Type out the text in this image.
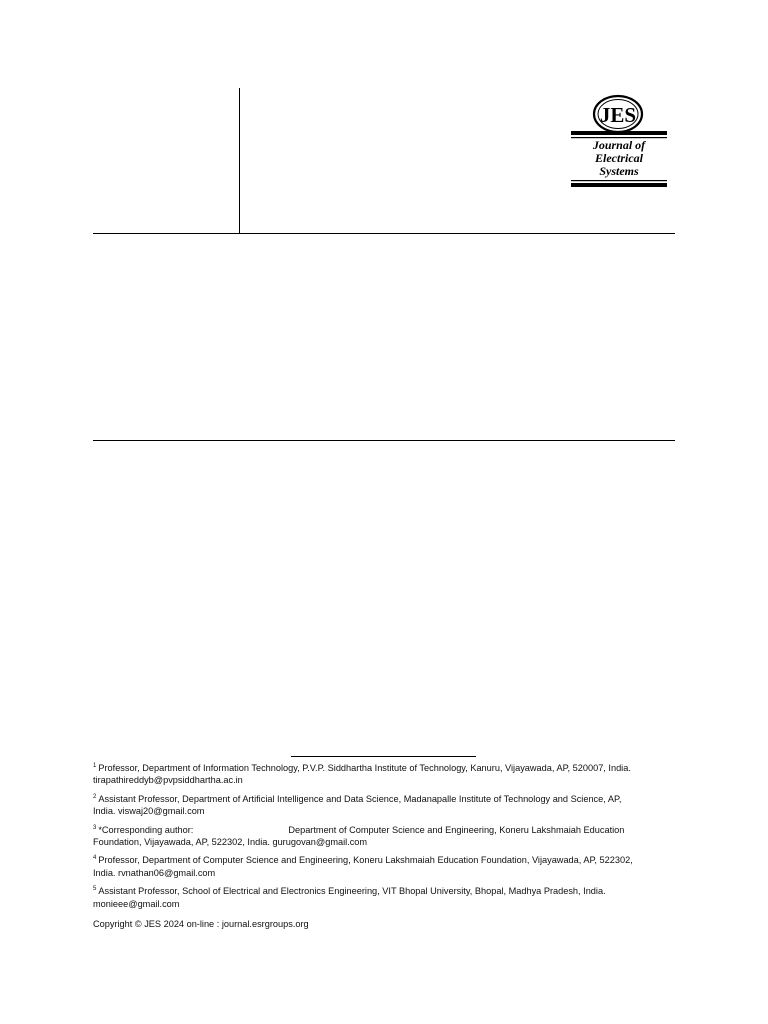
JES
Journal of
Electrical
Systems

$^1$ Professor, Department of Information Technology, P.V.P. Siddhartha Institute of Technology, Kanuru, Vijayawada, AP, 520007, India. tirapathireddyb@pvpsiddhartha.ac.in

$^2$ Assistant Professor, Department of Artificial Intelligence and Data Science, Madanapalle Institute of Technology and Science, AP, India. viswaj20@gmail.com

$^3$ *Corresponding author:	Department of Computer Science and Engineering, Koneru Lakshmaiah Education Foundation, Vijayawada, AP, 522302, India. gurugovan@gmail.com

$^4$ Professor, Department of Computer Science and Engineering, Koneru Lakshmaiah Education Foundation, Vijayawada, AP, 522302, India. rvnathan06@gmail.com

$^5$ Assistant Professor, School of Electrical and Electronics Engineering, VIT Bhopal University, Bhopal, Madhya Pradesh, India. monieee@gmail.com

Copyright © JES 2024 on-line : journal.esrgroups.org
